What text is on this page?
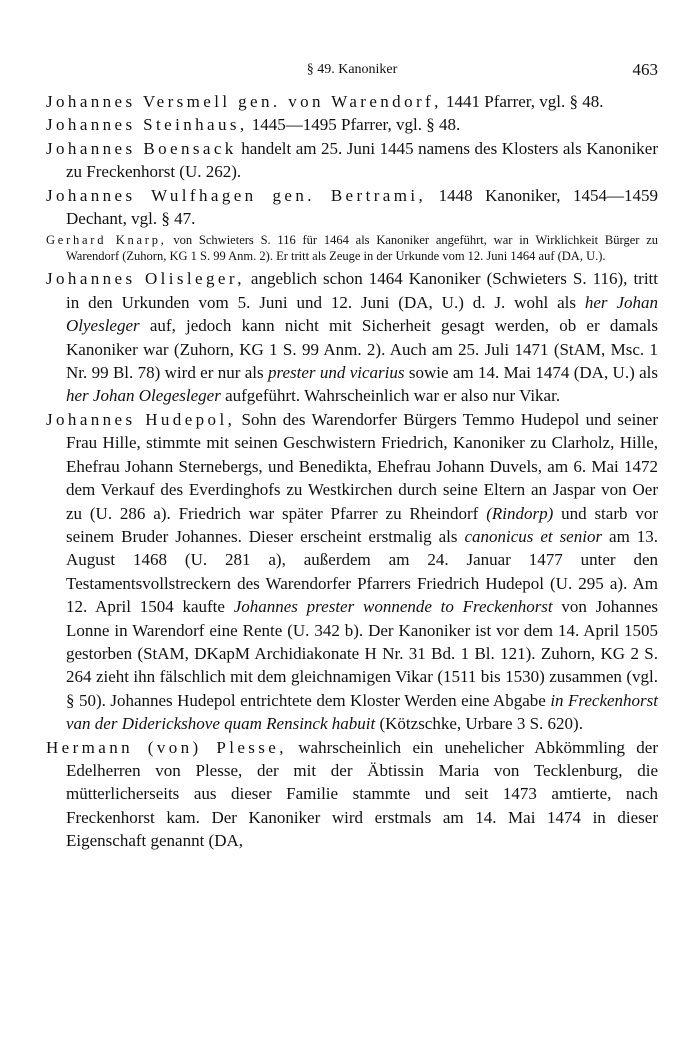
§ 49. Kanoniker	463

Johannes Versmell gen. von Warendorf, 1441 Pfarrer, vgl. § 48.

Johannes Steinhaus, 1445—1495 Pfarrer, vgl. § 48.

Johannes Boensack handelt am 25. Juni 1445 namens des Klosters als Kanoniker zu Freckenhorst (U. 262).

Johannes Wulfhagen gen. Bertrami, 1448 Kanoniker, 1454—1459 Dechant, vgl. § 47.

Gerhard Knarp, von Schwieters S. 116 für 1464 als Kanoniker angeführt, war in Wirklichkeit Bürger zu Warendorf (Zuhorn, KG 1 S. 99 Anm. 2). Er tritt als Zeuge in der Urkunde vom 12. Juni 1464 auf (DA, U.).

Johannes Olisleger, angeblich schon 1464 Kanoniker (Schwieters S. 116), tritt in den Urkunden vom 5. Juni und 12. Juni (DA, U.) d. J. wohl als her Johan Olyesleger auf, jedoch kann nicht mit Sicherheit gesagt werden, ob er damals Kanoniker war (Zuhorn, KG 1 S. 99 Anm. 2). Auch am 25. Juli 1471 (StAM, Msc. 1 Nr. 99 Bl. 78) wird er nur als prester und vicarius sowie am 14. Mai 1474 (DA, U.) als her Johan Olegesleger aufgeführt. Wahrscheinlich war er also nur Vikar.

Johannes Hudepol, Sohn des Warendorfer Bürgers Temmo Hudepol und seiner Frau Hille, stimmte mit seinen Geschwistern Friedrich, Kanoniker zu Clarholz, Hille, Ehefrau Johann Sternebergs, und Benedikta, Ehefrau Johann Duvels, am 6. Mai 1472 dem Verkauf des Everdinghofs zu Westkirchen durch seine Eltern an Jaspar von Oer zu (U. 286 a). Friedrich war später Pfarrer zu Rheindorf (Rindorp) und starb vor seinem Bruder Johannes. Dieser erscheint erstmalig als canonicus et senior am 13. August 1468 (U. 281 a), außerdem am 24. Januar 1477 unter den Testamentsvollstreckern des Warendorfer Pfarrers Friedrich Hudepol (U. 295 a). Am 12. April 1504 kaufte Johannes prester wonnende to Freckenhorst von Johannes Lonne in Warendorf eine Rente (U. 342 b). Der Kanoniker ist vor dem 14. April 1505 gestorben (StAM, DKapM Archidiakonate H Nr. 31 Bd. 1 Bl. 121). Zuhorn, KG 2 S. 264 zieht ihn fälschlich mit dem gleichnamigen Vikar (1511 bis 1530) zusammen (vgl. § 50). Johannes Hudepol entrichtete dem Kloster Werden eine Abgabe in Freckenhorst van der Diderickshove quam Rensinck habuit (Kötzschke, Urbare 3 S. 620).

Hermann (von) Plesse, wahrscheinlich ein unehelicher Abkömmling der Edelherren von Plesse, der mit der Äbtissin Maria von Tecklenburg, die mütterlicherseits aus dieser Familie stammte und seit 1473 amtierte, nach Freckenhorst kam. Der Kanoniker wird erstmals am 14. Mai 1474 in dieser Eigenschaft genannt (DA,
